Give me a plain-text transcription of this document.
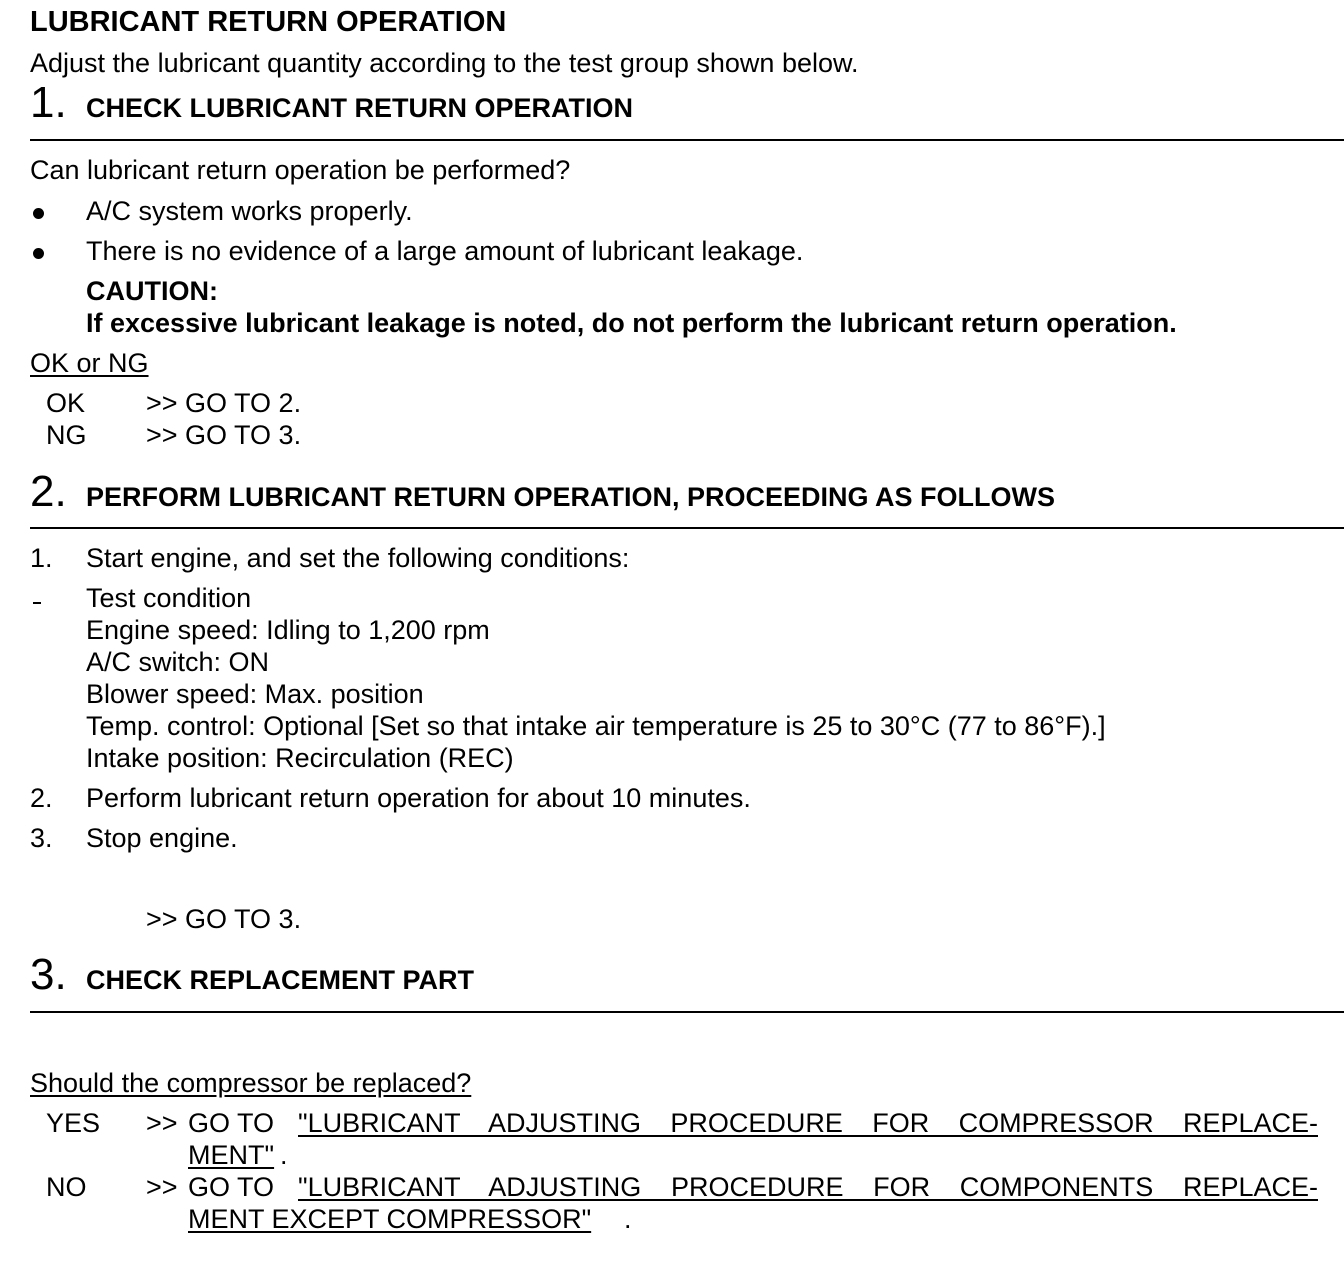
LUBRICANT RETURN OPERATION
Adjust the lubricant quantity according to the test group shown below.
1. CHECK LUBRICANT RETURN OPERATION
Can lubricant return operation be performed?
A/C system works properly.
There is no evidence of a large amount of lubricant leakage.
CAUTION:
If excessive lubricant leakage is noted, do not perform the lubricant return operation.
OK or NG
OK >> GO TO 2.
NG >> GO TO 3.
2. PERFORM LUBRICANT RETURN OPERATION, PROCEEDING AS FOLLOWS
1. Start engine, and set the following conditions:
Test condition
Engine speed: Idling to 1,200 rpm
A/C switch: ON
Blower speed: Max. position
Temp. control: Optional [Set so that intake air temperature is 25 to 30°C (77 to 86°F).]
Intake position: Recirculation (REC)
2. Perform lubricant return operation for about 10 minutes.
3. Stop engine.
>> GO TO 3.
3. CHECK REPLACEMENT PART
Should the compressor be replaced?
YES >> GO TO "LUBRICANT ADJUSTING PROCEDURE FOR COMPRESSOR REPLACE-
MENT" .
NO >> GO TO "LUBRICANT ADJUSTING PROCEDURE FOR COMPONENTS REPLACE-
MENT EXCEPT COMPRESSOR" .
